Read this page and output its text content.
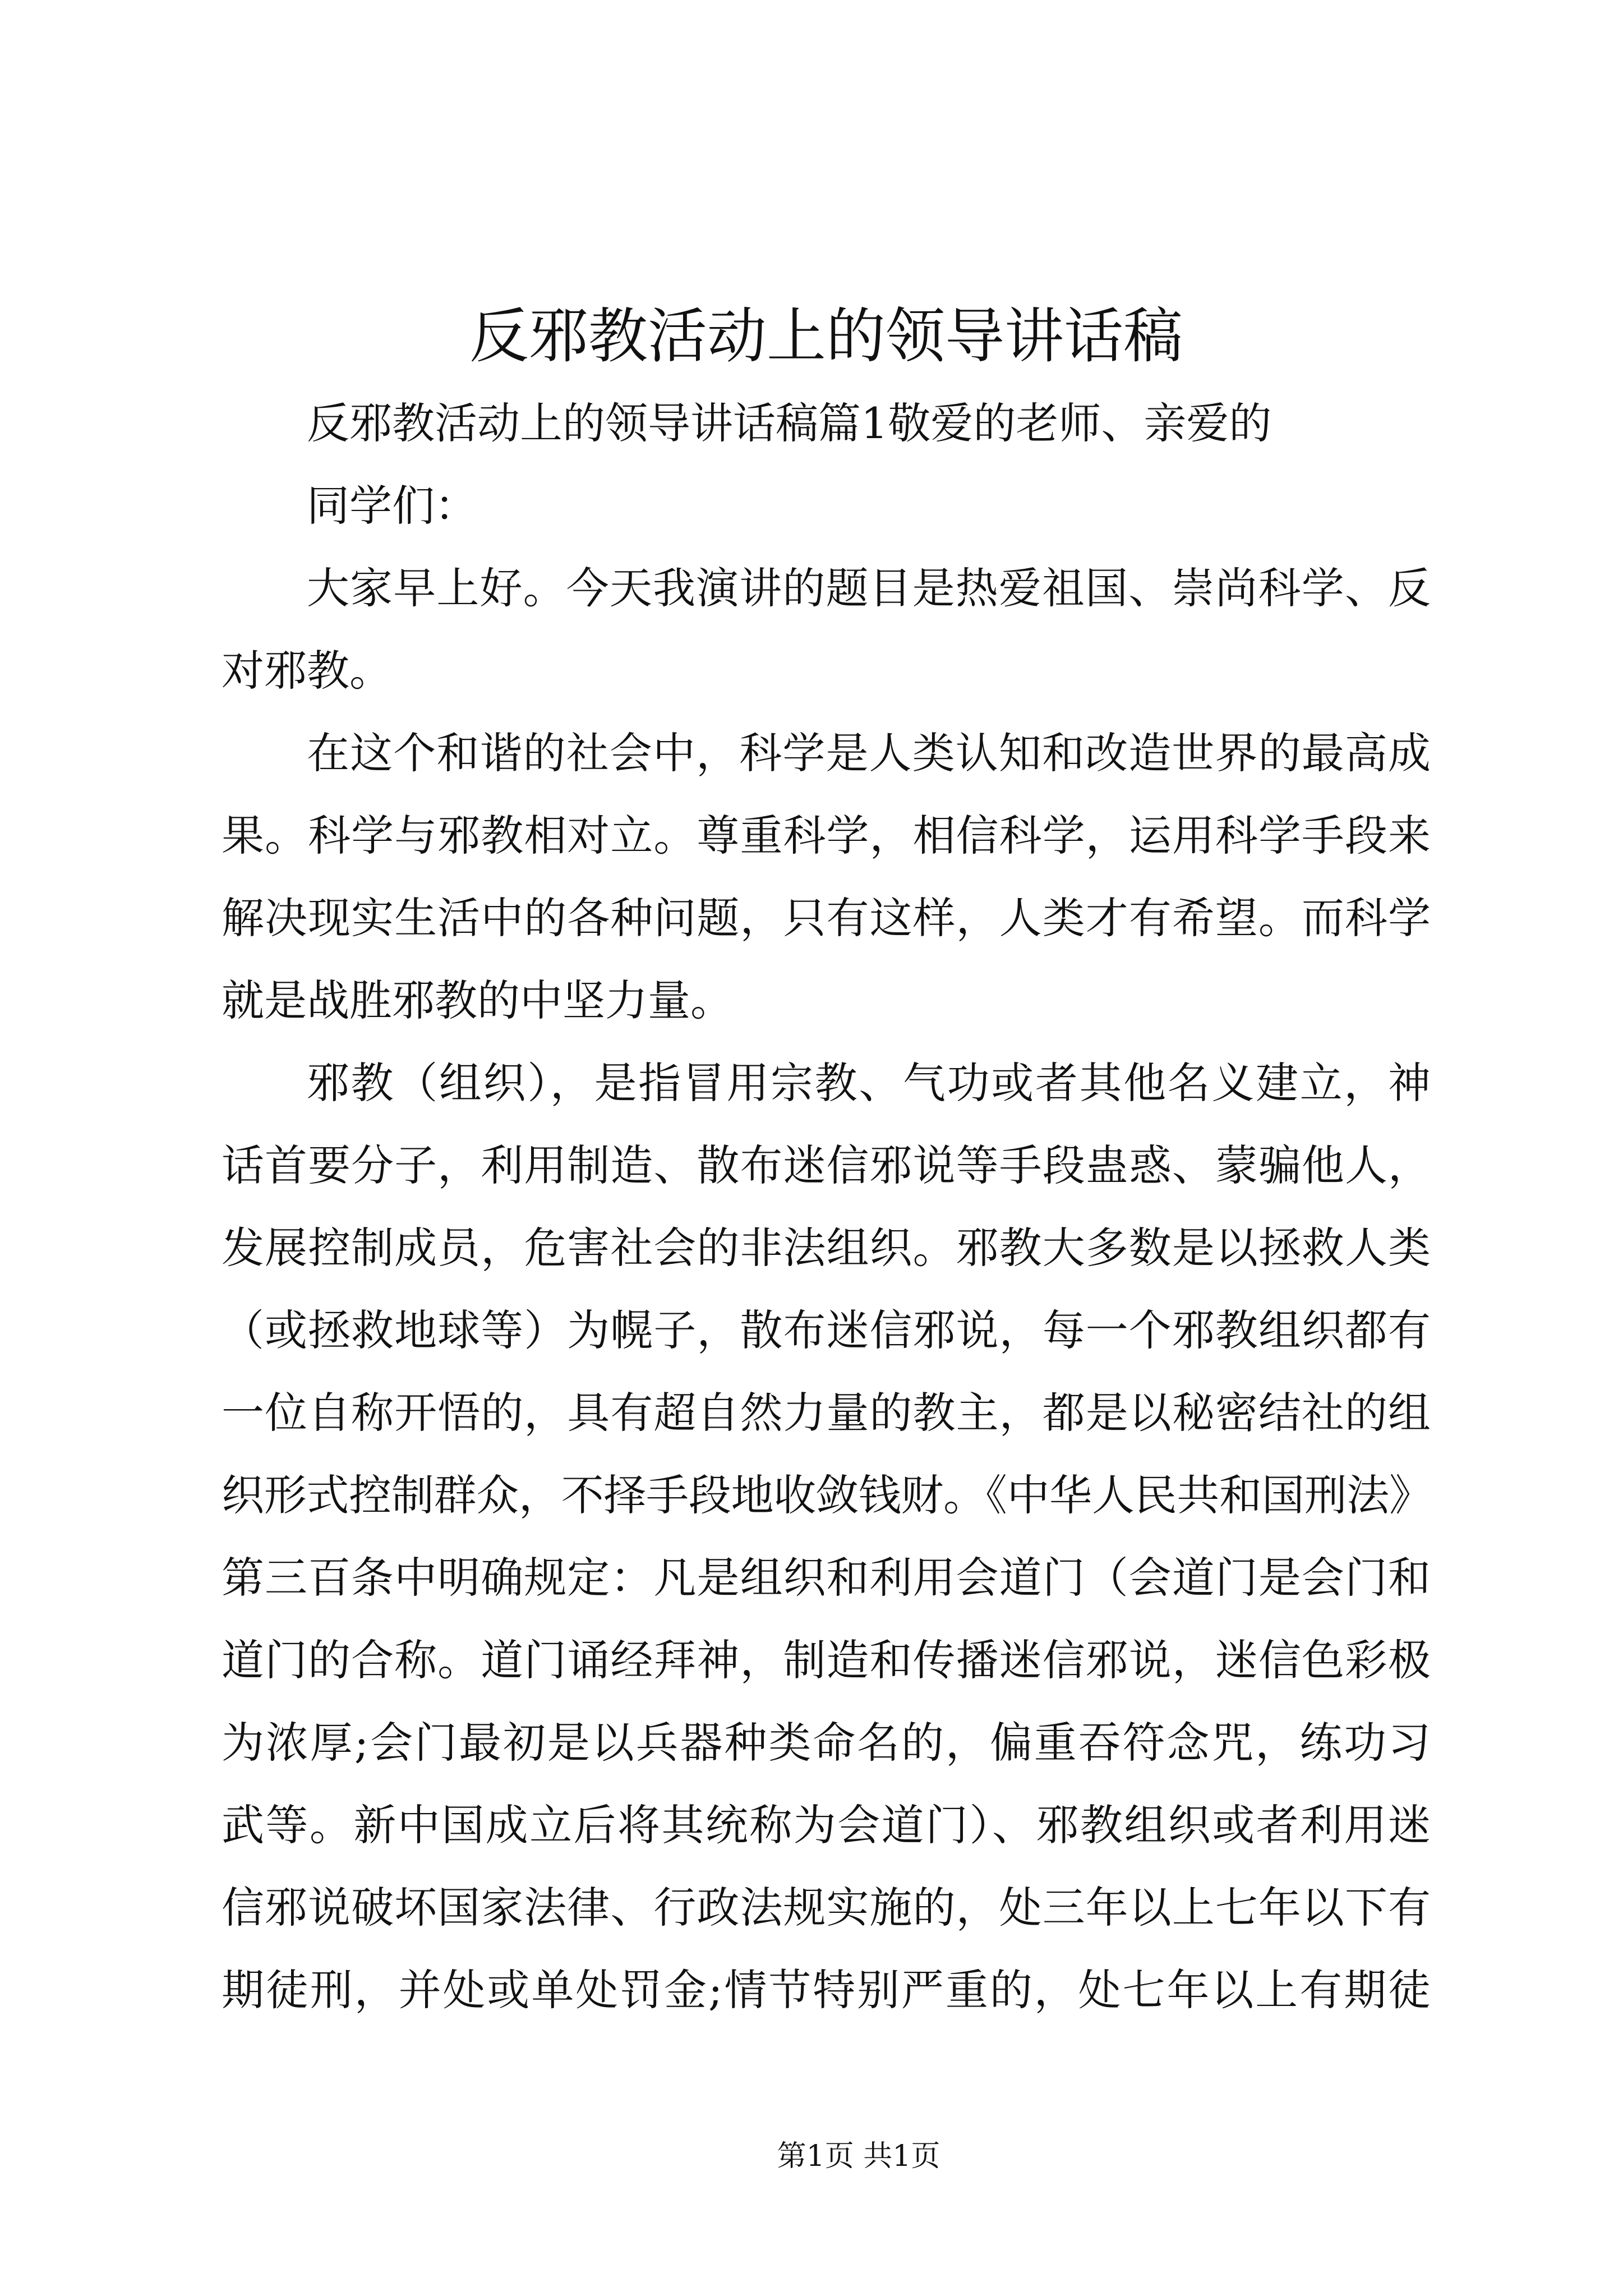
反邪教活动上的领导讲话稿
反邪教活动上的领导讲话稿篇1敬爱的老师、亲爱的
同学们：
大家早上好。今天我演讲的题目是热爱祖国、崇尚科学、反
对邪教。
在这个和谐的社会中，科学是人类认知和改造世界的最高成
果。科学与邪教相对立。尊重科学，相信科学，运用科学手段来
解决现实生活中的各种问题，只有这样，人类才有希望。而科学
就是战胜邪教的中坚力量。
邪教（组织），是指冒用宗教、气功或者其他名义建立，神
话首要分子，利用制造、散布迷信邪说等手段蛊惑、蒙骗他人，
发展控制成员，危害社会的非法组织。邪教大多数是以拯救人类
（或拯救地球等）为幌子，散布迷信邪说，每一个邪教组织都有
一位自称开悟的，具有超自然力量的教主，都是以秘密结社的组
织形式控制群众，不择手段地收敛钱财。《中华人民共和国刑法》
第三百条中明确规定：凡是组织和利用会道门（会道门是会门和
道门的合称。道门诵经拜神，制造和传播迷信邪说，迷信色彩极
为浓厚;会门最初是以兵器种类命名的，偏重吞符念咒，练功习
武等。新中国成立后将其统称为会道门）、邪教组织或者利用迷
信邪说破坏国家法律、行政法规实施的，处三年以上七年以下有
期徒刑，并处或单处罚金;情节特别严重的，处七年以上有期徒
第1页 共1页
